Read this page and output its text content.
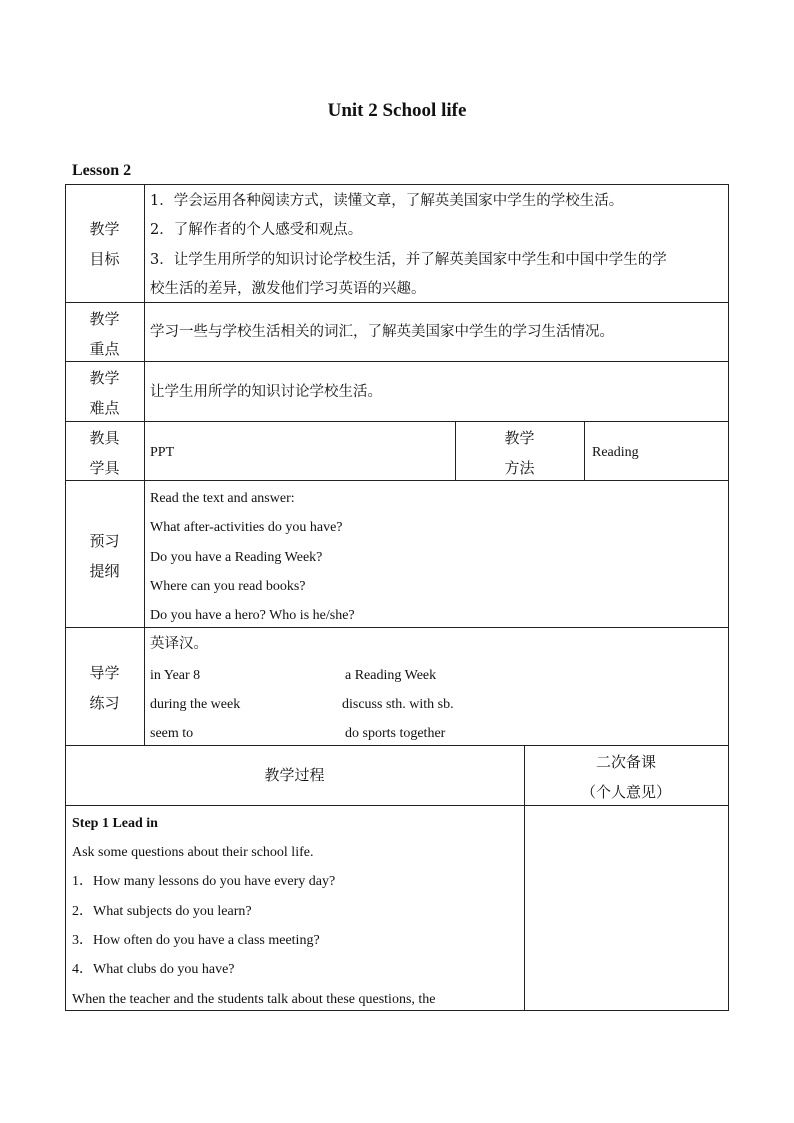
Unit 2 School life
Lesson 2
教学
目标
1．学会运用各种阅读方式，读懂文章，了解英美国家中学生的学校生活。
2．了解作者的个人感受和观点。
3．让学生用所学的知识讨论学校生活，并了解英美国家中学生和中国中学生的学
校生活的差异，激发他们学习英语的兴趣。
教学
重点
学习一些与学校生活相关的词汇，了解英美国家中学生的学习生活情况。
教学
难点
让学生用所学的知识讨论学校生活。
教具
学具
PPT
教学
方法
Reading
预习
提纲
Read the text and answer:
What after-activities do you have?
Do you have a Reading Week?
Where can you read books?
Do you have a hero? Who is he/she?
导学
练习
英译汉。
in Year 8
during the week
seem to
a Reading Week
discuss sth. with sb.
do sports together
教学过程
二次备课
（个人意见）
Step 1 Lead in
Ask some questions about their school life.
1．How many lessons do you have every day?
2．What subjects do you learn?
3．How often do you have a class meeting?
4．What clubs do you have?
When the teacher and the students talk about these questions, the
